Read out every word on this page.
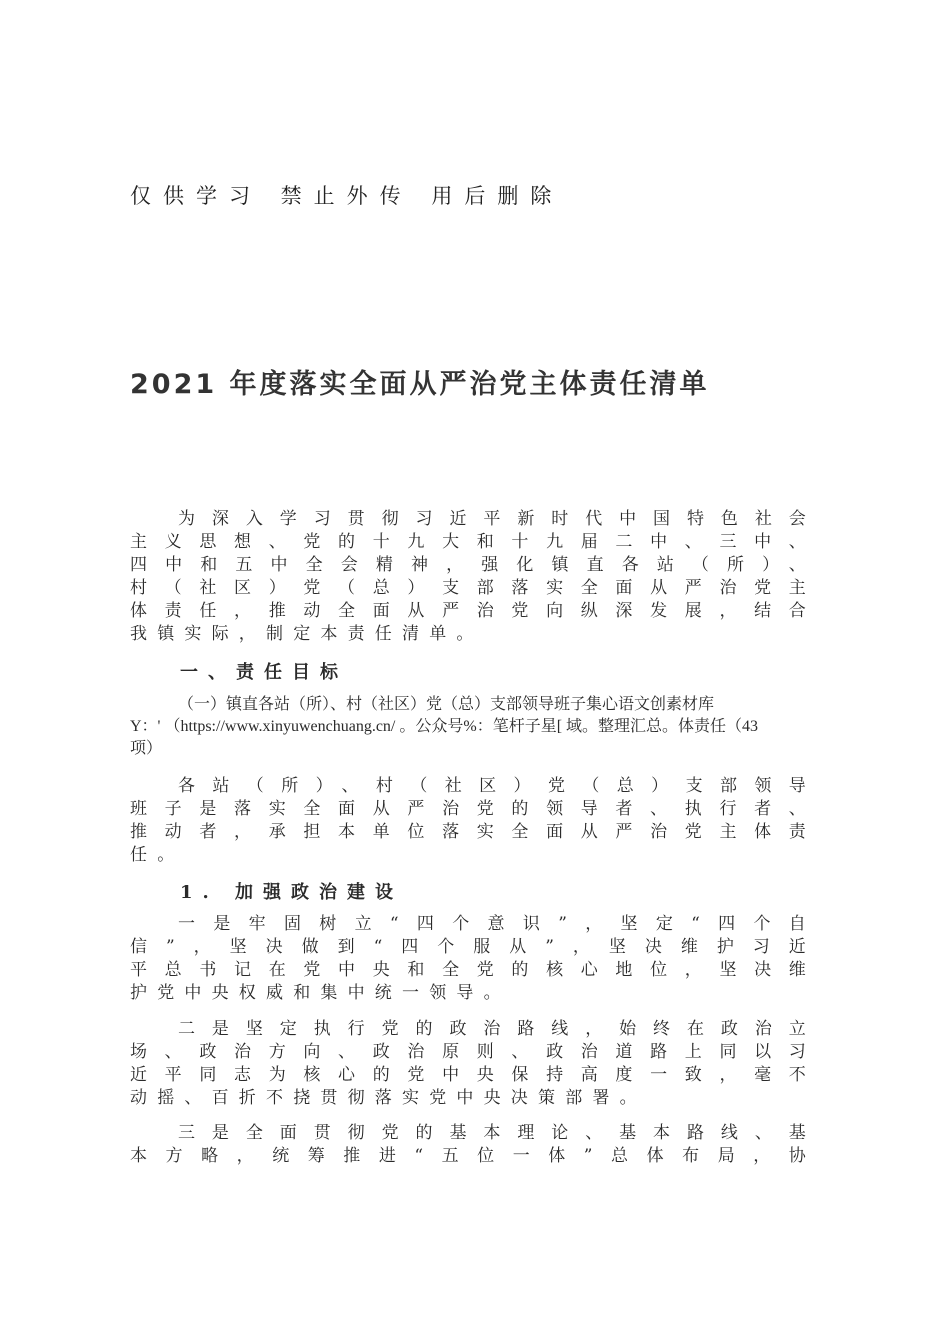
仅供学习 禁止外传 用后删除
2021 年度落实全面从严治党主体责任清单
为深入学习贯彻习近平新时代中国特色社会
主义思想、党的十九大和十九届二中、三中、
四中和五中全会精神，强化镇直各站（所）、
村（社区）党（总）支部落实全面从严治党主
体责任，推动全面从严治党向纵深发展，结合
我镇实际，制定本责任清单。
一、责任目标
（一）镇直各站（所）、村（社区）党（总）支部领导班子集心语文创素材库
Y：' （https://www.xinyuwenchuang.cn/ 。公众号%：笔杆子星[ 域。整理汇总。体责任（43
项）
各站（所）、村（社区）党（总）支部领导
班子是落实全面从严治党的领导者、执行者、
推动者，承担本单位落实全面从严治党主体责
任。
1. 加强政治建设
一是牢固树立“四个意识”，坚定“四个自
信”，坚决做到“四个服从”，坚决维护习近
平总书记在党中央和全党的核心地位，坚决维
护党中央权威和集中统一领导。
二是坚定执行党的政治路线，始终在政治立
场、政治方向、政治原则、政治道路上同以习
近平同志为核心的党中央保持高度一致，毫不
动摇、百折不挠贯彻落实党中央决策部署。
三是全面贯彻党的基本理论、基本路线、基
本方略，统筹推进“五位一体”总体布局，协
